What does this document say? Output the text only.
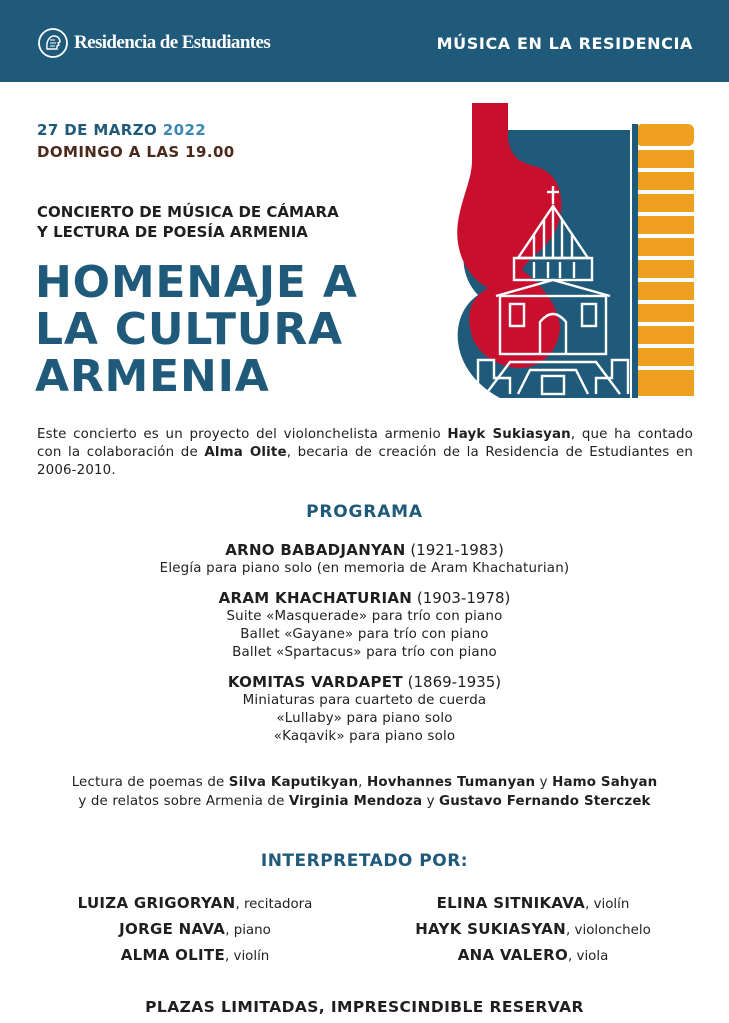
Residencia de Estudiantes	MÚSICA EN LA RESIDENCIA
27 DE MARZO 2022
DOMINGO A LAS 19.00
CONCIERTO DE MÚSICA DE CÁMARA
Y LECTURA DE POESÍA ARMENIA
HOMENAJE A
LA CULTURA
ARMENIA
Este concierto es un proyecto del violonchelista armenio Hayk Sukiasyan, que ha contado con la colaboración de Alma Olite, becaria de creación de la Residencia de Estudiantes en 2006-2010.
PROGRAMA
ARNO BABADJANYAN (1921-1983)
Elegía para piano solo (en memoria de Aram Khachaturian)
ARAM KHACHATURIAN (1903-1978)
Suite «Masquerade» para trío con piano
Ballet «Gayane» para trío con piano
Ballet «Spartacus» para trío con piano
KOMITAS VARDAPET (1869-1935)
Miniaturas para cuarteto de cuerda
«Lullaby» para piano solo
«Kaqavik» para piano solo
Lectura de poemas de Silva Kaputikyan, Hovhannes Tumanyan y Hamo Sahyan
y de relatos sobre Armenia de Virginia Mendoza y Gustavo Fernando Sterczek
INTERPRETADO POR:
LUIZA GRIGORYAN, recitadora
JORGE NAVA, piano
ALMA OLITE, violín
ELINA SITNIKAVA, violín
HAYK SUKIASYAN, violonchelo
ANA VALERO, viola
PLAZAS LIMITADAS, IMPRESCINDIBLE RESERVAR
